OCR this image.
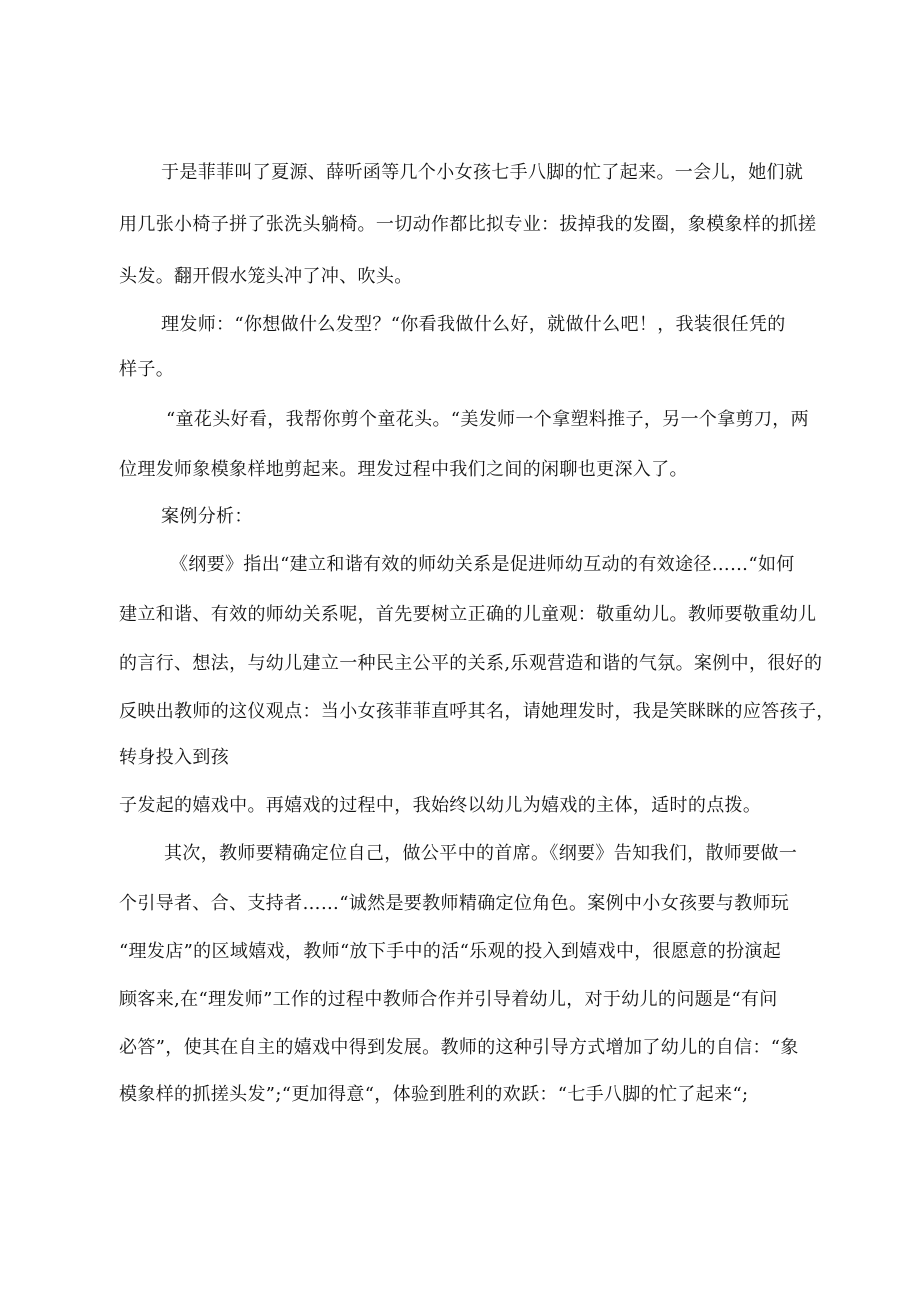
于是菲菲叫了夏源、薛听函等几个小女孩七手八脚的忙了起来。一会儿，她们就
用几张小椅子拼了张洗头躺椅。一切动作都比拟专业：拔掉我的发圈，象模象样的抓搓
头发。翻开假水笼头冲了冲、吹头。
理发师：“你想做什么发型？“你看我做什么好，就做什么吧！，我装很任凭的
样子。
“童花头好看，我帮你剪个童花头。“美发师一个拿塑料推子，另一个拿剪刀，两
位理发师象模象样地剪起来。理发过程中我们之间的闲聊也更深入了。
案例分析：
《纲要》指出“建立和谐有效的师幼关系是促进师幼互动的有效途径……“如何
建立和谐、有效的师幼关系呢，首先要树立正确的儿童观：敬重幼儿。教师要敬重幼儿
的言行、想法，与幼儿建立一种民主公平的关系,乐观营造和谐的气氛。案例中，很好的
反映出教师的这仪观点：当小女孩菲菲直呼其名，请她理发时，我是笑眯眯的应答孩子，
转身投入到孩
子发起的嬉戏中。再嬉戏的过程中，我始终以幼儿为嬉戏的主体，适时的点拨。
其次，教师要精确定位自己，做公平中的首席。《纲要》告知我们，散师要做一
个引导者、合、支持者……“诚然是要教师精确定位角色。案例中小女孩要与教师玩
“理发店”的区域嬉戏，教师“放下手中的活“乐观的投入到嬉戏中，很愿意的扮演起
顾客来,在“理发师”工作的过程中教师合作并引导着幼儿，对于幼儿的问题是“有问
必答”，使其在自主的嬉戏中得到发展。教师的这种引导方式增加了幼儿的自信：“象
模象样的抓搓头发”;“更加得意“，体验到胜利的欢跃：“七手八脚的忙了起来“;
